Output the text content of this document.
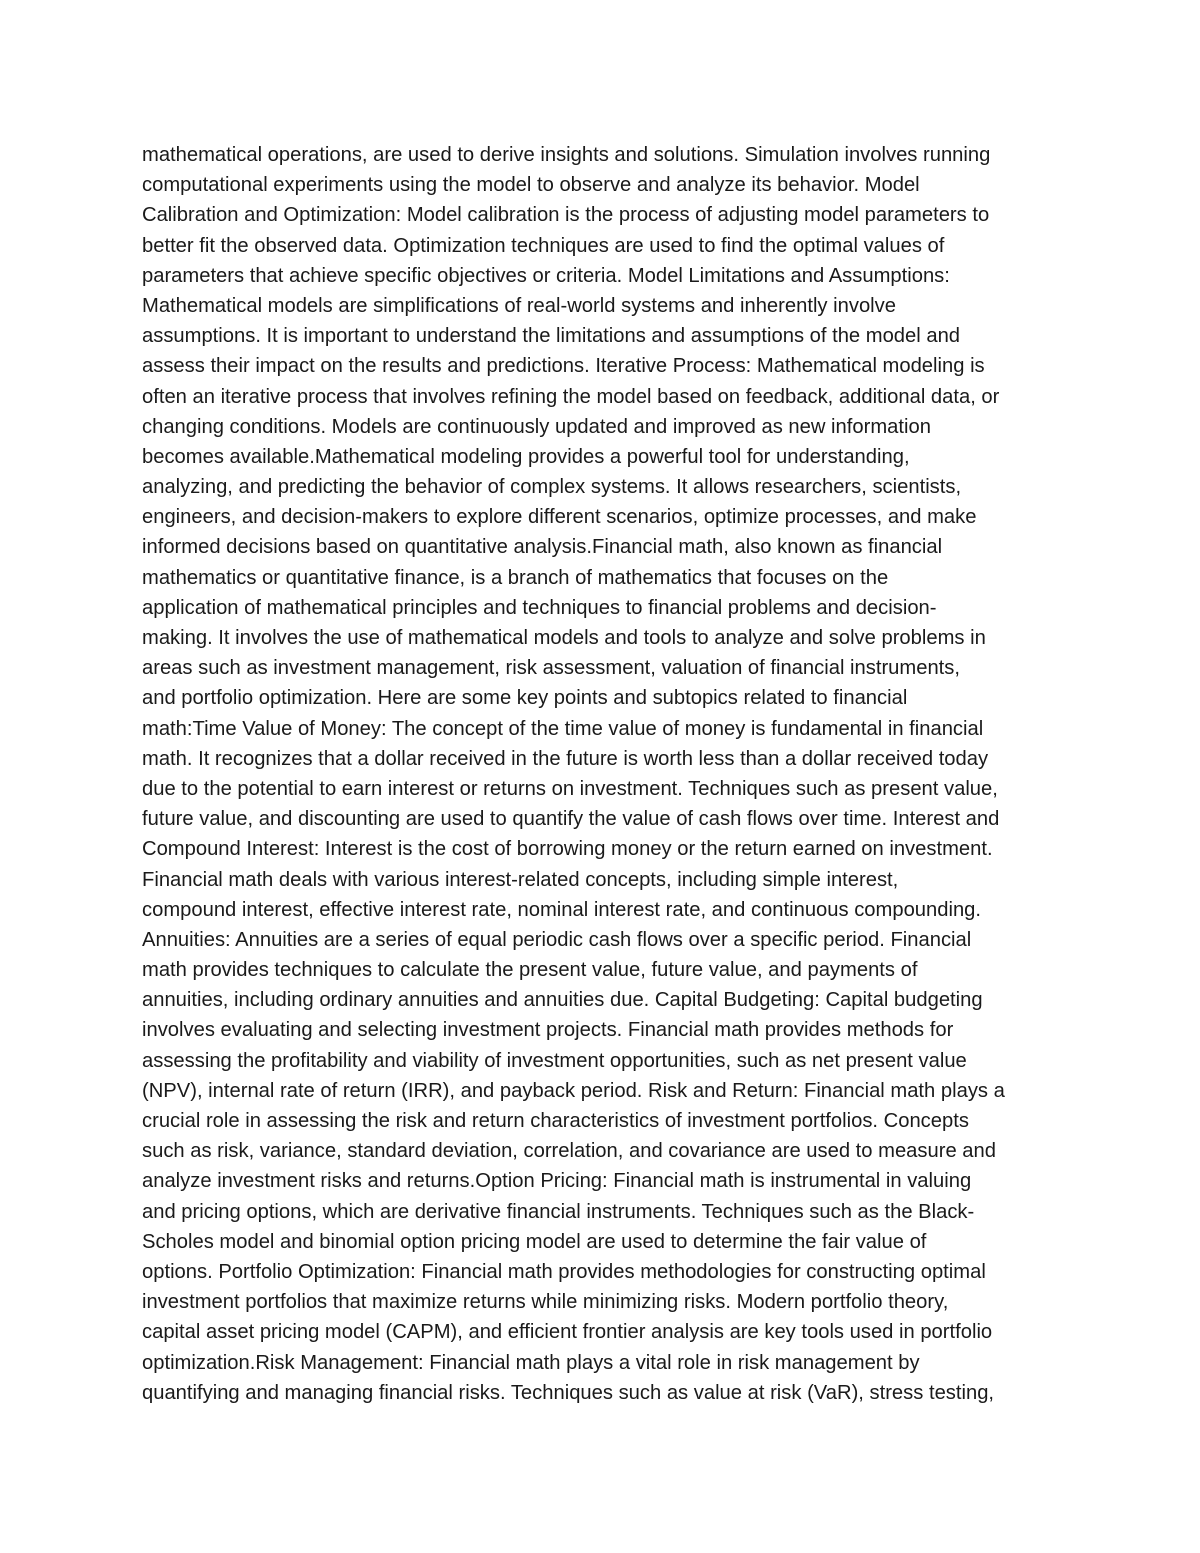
mathematical operations, are used to derive insights and solutions. Simulation involves running
computational experiments using the model to observe and analyze its behavior. Model
Calibration and Optimization: Model calibration is the process of adjusting model parameters to
better fit the observed data. Optimization techniques are used to find the optimal values of
parameters that achieve specific objectives or criteria. Model Limitations and Assumptions:
Mathematical models are simplifications of real-world systems and inherently involve
assumptions. It is important to understand the limitations and assumptions of the model and
assess their impact on the results and predictions. Iterative Process: Mathematical modeling is
often an iterative process that involves refining the model based on feedback, additional data, or
changing conditions. Models are continuously updated and improved as new information
becomes available.Mathematical modeling provides a powerful tool for understanding,
analyzing, and predicting the behavior of complex systems. It allows researchers, scientists,
engineers, and decision-makers to explore different scenarios, optimize processes, and make
informed decisions based on quantitative analysis.Financial math, also known as financial
mathematics or quantitative finance, is a branch of mathematics that focuses on the
application of mathematical principles and techniques to financial problems and decision-
making. It involves the use of mathematical models and tools to analyze and solve problems in
areas such as investment management, risk assessment, valuation of financial instruments,
and portfolio optimization. Here are some key points and subtopics related to financial
math:Time Value of Money: The concept of the time value of money is fundamental in financial
math. It recognizes that a dollar received in the future is worth less than a dollar received today
due to the potential to earn interest or returns on investment. Techniques such as present value,
future value, and discounting are used to quantify the value of cash flows over time. Interest and
Compound Interest: Interest is the cost of borrowing money or the return earned on investment.
Financial math deals with various interest-related concepts, including simple interest,
compound interest, effective interest rate, nominal interest rate, and continuous compounding.
Annuities: Annuities are a series of equal periodic cash flows over a specific period. Financial
math provides techniques to calculate the present value, future value, and payments of
annuities, including ordinary annuities and annuities due. Capital Budgeting: Capital budgeting
involves evaluating and selecting investment projects. Financial math provides methods for
assessing the profitability and viability of investment opportunities, such as net present value
(NPV), internal rate of return (IRR), and payback period. Risk and Return: Financial math plays a
crucial role in assessing the risk and return characteristics of investment portfolios. Concepts
such as risk, variance, standard deviation, correlation, and covariance are used to measure and
analyze investment risks and returns.Option Pricing: Financial math is instrumental in valuing
and pricing options, which are derivative financial instruments. Techniques such as the Black-
Scholes model and binomial option pricing model are used to determine the fair value of
options. Portfolio Optimization: Financial math provides methodologies for constructing optimal
investment portfolios that maximize returns while minimizing risks. Modern portfolio theory,
capital asset pricing model (CAPM), and efficient frontier analysis are key tools used in portfolio
optimization.Risk Management: Financial math plays a vital role in risk management by
quantifying and managing financial risks. Techniques such as value at risk (VaR), stress testing,
